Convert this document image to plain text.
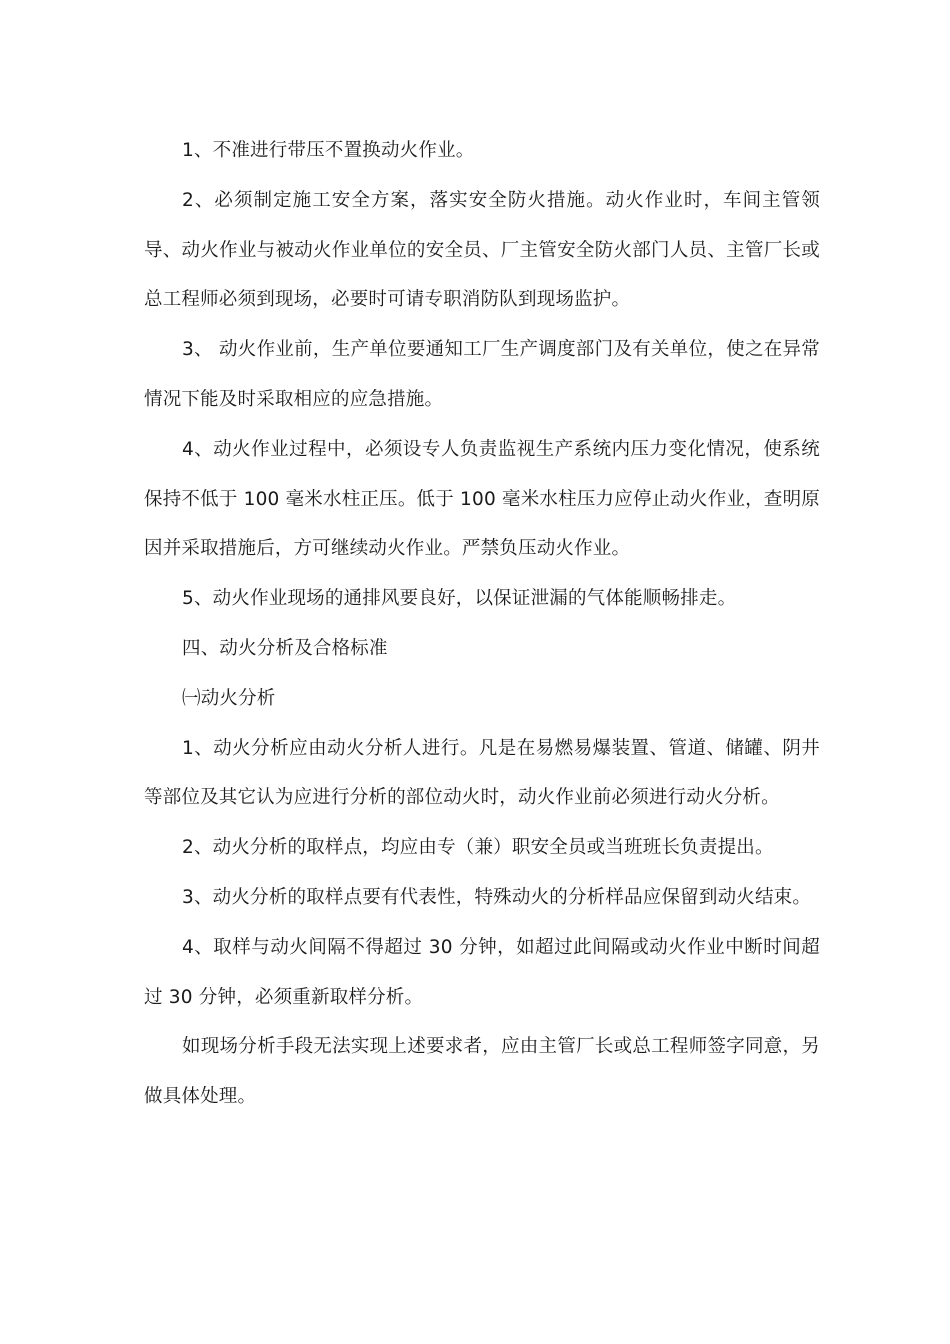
1、不准进行带压不置换动火作业。

2、必须制定施工安全方案，落实安全防火措施。动火作业时，车间主管领导、动火作业与被动火作业单位的安全员、厂主管安全防火部门人员、主管厂长或总工程师必须到现场，必要时可请专职消防队到现场监护。

3、 动火作业前，生产单位要通知工厂生产调度部门及有关单位，使之在异常情况下能及时采取相应的应急措施。

4、动火作业过程中，必须设专人负责监视生产系统内压力变化情况，使系统保持不低于 100 毫米水柱正压。低于 100 毫米水柱压力应停止动火作业，查明原因并采取措施后，方可继续动火作业。严禁负压动火作业。

5、动火作业现场的通排风要良好，以保证泄漏的气体能顺畅排走。

四、动火分析及合格标准

㈠动火分析

1、动火分析应由动火分析人进行。凡是在易燃易爆装置、管道、储罐、阴井等部位及其它认为应进行分析的部位动火时，动火作业前必须进行动火分析。

2、动火分析的取样点，均应由专（兼）职安全员或当班班长负责提出。

3、动火分析的取样点要有代表性，特殊动火的分析样品应保留到动火结束。

4、取样与动火间隔不得超过 30 分钟，如超过此间隔或动火作业中断时间超过 30 分钟，必须重新取样分析。

如现场分析手段无法实现上述要求者，应由主管厂长或总工程师签字同意，另做具体处理。
